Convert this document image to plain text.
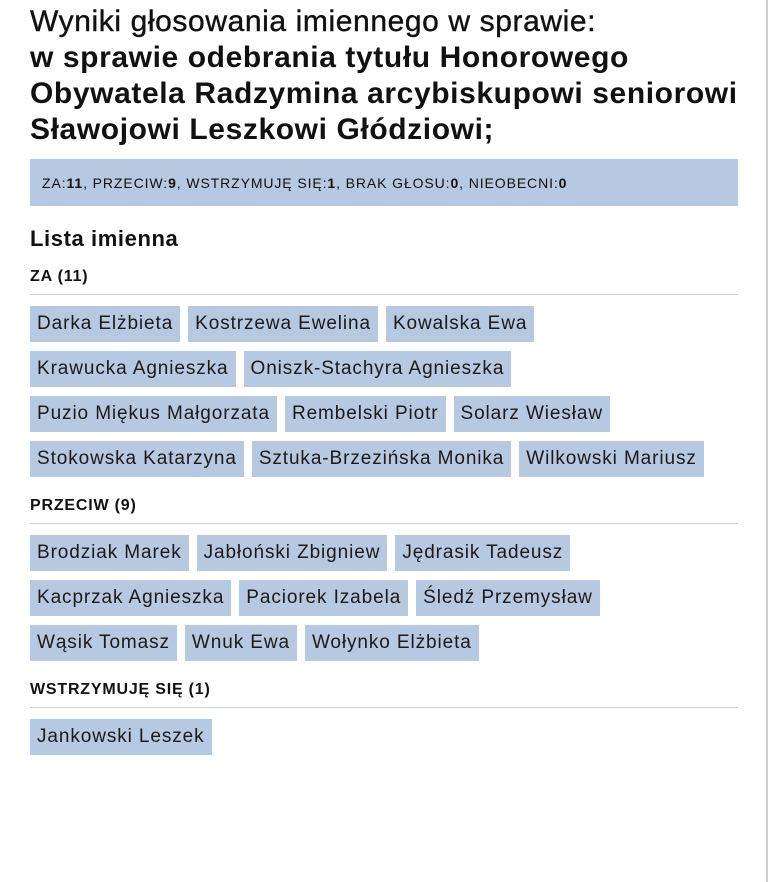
Wyniki głosowania imiennego w sprawie:
w sprawie odebrania tytułu Honorowego Obywatela Radzymina arcybiskupowi seniorowi Sławojowi Leszkowi Głódziowi;
ZA: 11 , PRZECIW: 9 , WSTRZYMUJĘ SIĘ: 1 , BRAK GŁOSU: 0 , NIEOBECNI: 0
Lista imienna
ZA (11)
Darka Elżbieta	Kostrzewa Ewelina	Kowalska Ewa
Krawucka Agnieszka	Oniszk-Stachyra Agnieszka
Puzio Miękus Małgorzata	Rembelski Piotr	Solarz Wiesław
Stokowska Katarzyna	Sztuka-Brzezińska Monika	Wilkowski Mariusz
PRZECIW (9)
Brodziak Marek	Jabłoński Zbigniew	Jędrasik Tadeusz
Kacprzak Agnieszka	Paciorek Izabela	Śledź Przemysław
Wąsik Tomasz	Wnuk Ewa	Wołynko Elżbieta
WSTRZYMUJĘ SIĘ (1)
Jankowski Leszek
